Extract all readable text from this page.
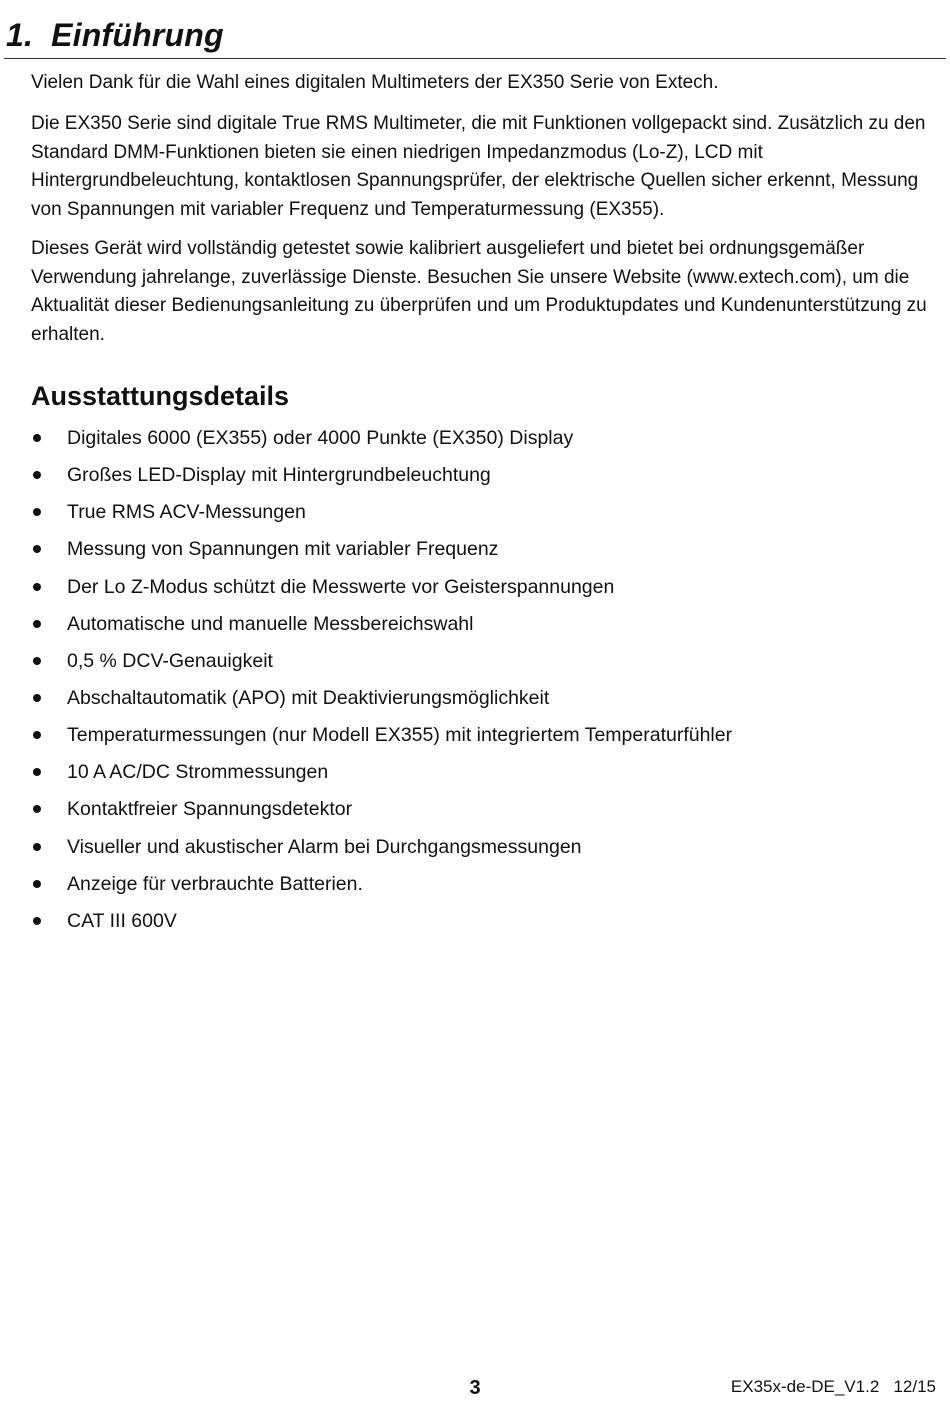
1. Einführung

Vielen Dank für die Wahl eines digitalen Multimeters der EX350 Serie von Extech.

Die EX350 Serie sind digitale True RMS Multimeter, die mit Funktionen vollgepackt sind. Zusätzlich zu den Standard DMM-Funktionen bieten sie einen niedrigen Impedanzmodus (Lo-Z), LCD mit Hintergrundbeleuchtung, kontaktlosen Spannungsprüfer, der elektrische Quellen sicher erkennt, Messung von Spannungen mit variabler Frequenz und Temperaturmessung (EX355).

Dieses Gerät wird vollständig getestet sowie kalibriert ausgeliefert und bietet bei ordnungsgemäßer Verwendung jahrelange, zuverlässige Dienste. Besuchen Sie unsere Website (www.extech.com), um die Aktualität dieser Bedienungsanleitung zu überprüfen und um Produktupdates und Kundenunterstützung zu erhalten.

Ausstattungsdetails
Digitales 6000 (EX355) oder 4000 Punkte (EX350) Display
Großes LED-Display mit Hintergrundbeleuchtung
True RMS ACV-Messungen
Messung von Spannungen mit variabler Frequenz
Der Lo Z-Modus schützt die Messwerte vor Geisterspannungen
Automatische und manuelle Messbereichswahl
0,5 % DCV-Genauigkeit
Abschaltautomatik (APO) mit Deaktivierungsmöglichkeit
Temperaturmessungen (nur Modell EX355) mit integriertem Temperaturfühler
10 A AC/DC Strommessungen
Kontaktfreier Spannungsdetektor
Visueller und akustischer Alarm bei Durchgangsmessungen
Anzeige für verbrauchte Batterien.
CAT III 600V
3	EX35x-de-DE_V1.2   12/15
